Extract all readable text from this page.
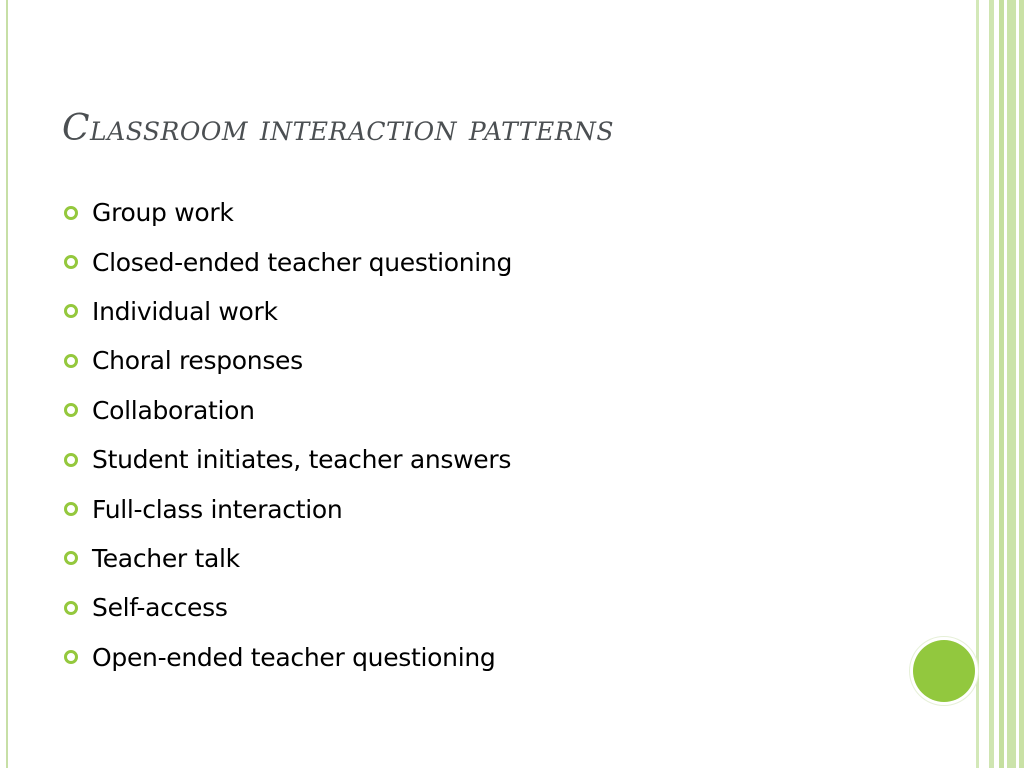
Classroom interaction patterns
Group work
Closed-ended teacher questioning
Individual work
Choral responses
Collaboration
Student initiates, teacher answers
Full-class interaction
Teacher talk
Self-access
Open-ended teacher questioning
